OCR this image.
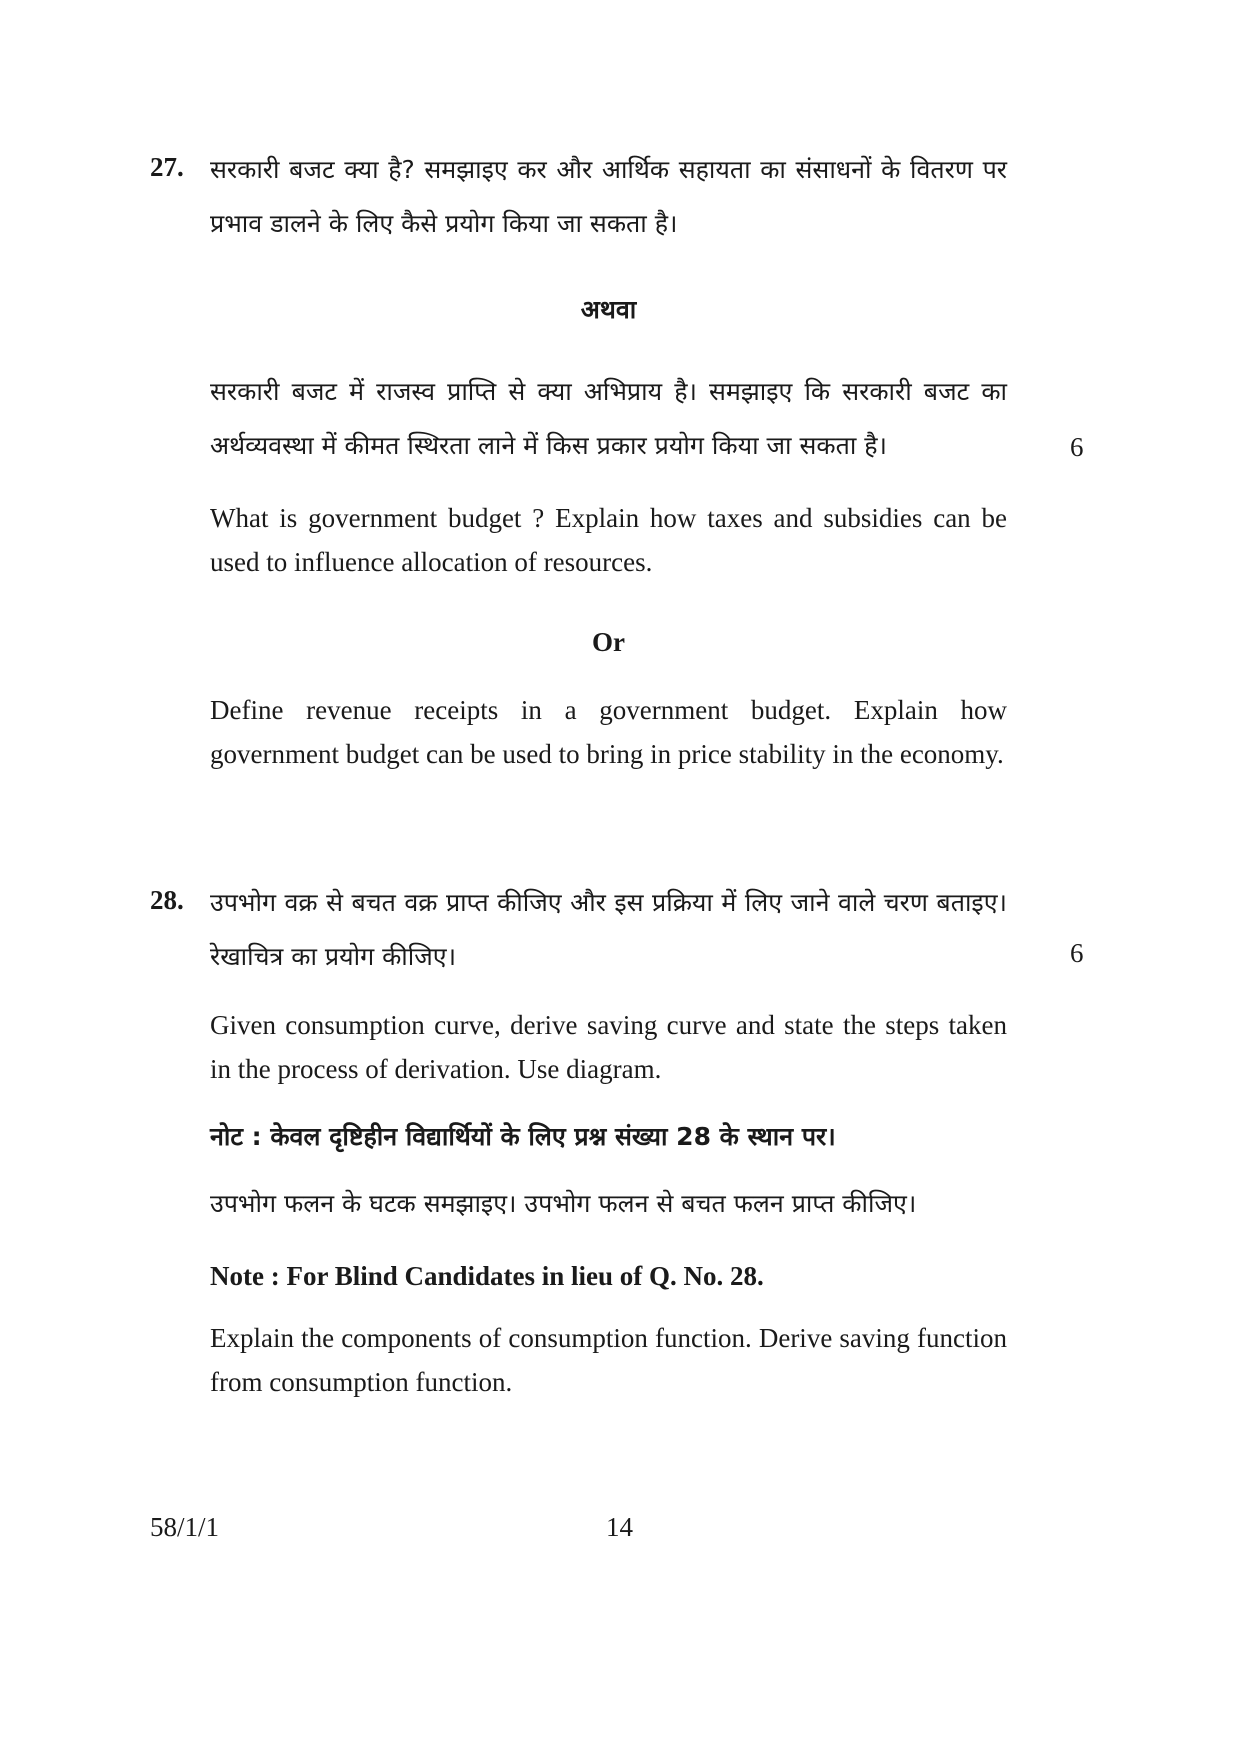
27. सरकारी बजट क्या है? समझाइए कर और आर्थिक सहायता का संसाधनों के वितरण पर प्रभाव डालने के लिए कैसे प्रयोग किया जा सकता है।
अथवा
सरकारी बजट में राजस्व प्राप्ति से क्या अभिप्राय है। समझाइए कि सरकारी बजट का अर्थव्यवस्था में कीमत स्थिरता लाने में किस प्रकार प्रयोग किया जा सकता है।	6
What is government budget ? Explain how taxes and subsidies can be used to influence allocation of resources.
Or
Define revenue receipts in a government budget. Explain how government budget can be used to bring in price stability in the economy.
28. उपभोग वक्र से बचत वक्र प्राप्त कीजिए और इस प्रक्रिया में लिए जाने वाले चरण बताइए। रेखाचित्र का प्रयोग कीजिए।	6
Given consumption curve, derive saving curve and state the steps taken in the process of derivation. Use diagram.
नोट : केवल दृष्टिहीन विद्यार्थियों के लिए प्रश्न संख्या 28 के स्थान पर।
उपभोग फलन के घटक समझाइए। उपभोग फलन से बचत फलन प्राप्त कीजिए।
Note : For Blind Candidates in lieu of Q. No. 28.
Explain the components of consumption function. Derive saving function from consumption function.
58/1/1	14
